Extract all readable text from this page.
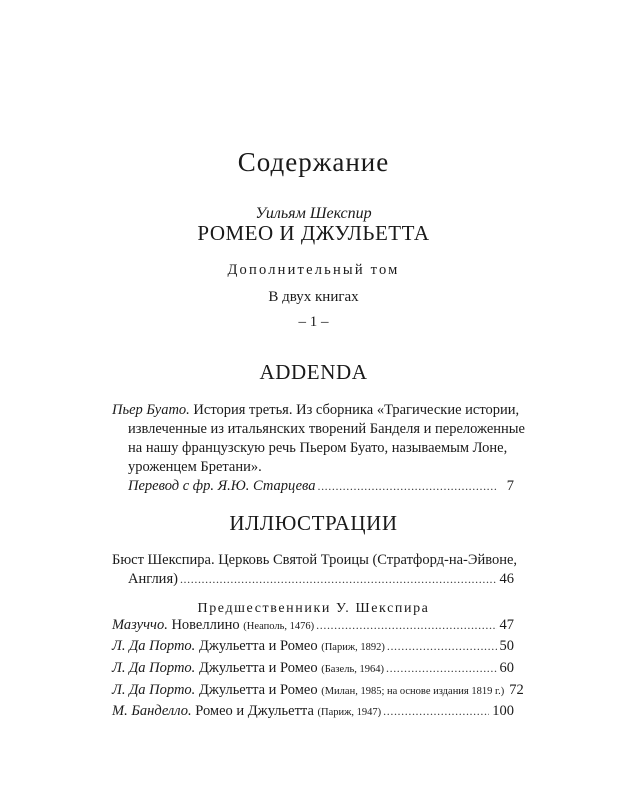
Содержание
Уильям Шекспир
РОМЕО И ДЖУЛЬЕТТА
Дополнительный том
В двух книгах
– 1 –
ADDENDA
Пьер Буато. История третья. Из сборника «Трагические истории,
извлеченные из итальянских творений Банделя и переложенные
на нашу французскую речь Пьером Буато, называемым Лоне,
уроженцем Бретани».
Перевод с фр. Я.Ю. Старцева . . .	7
ИЛЛЮСТРАЦИИ
Бюст Шекспира. Церковь Святой Троицы (Стратфорд-на-Эйвоне,
Англия) . . .	46
Предшественники У. Шекспира
Мазуччо. Новеллино (Неаполь, 1476) . . .	47
Л. Да Порто. Джульетта и Ромео (Париж, 1892) . . .	50
Л. Да Порто. Джульетта и Ромео (Базель, 1964) . . .	60
Л. Да Порто. Джульетта и Ромео (Милан, 1985; на основе издания 1819 г.) 72
М. Банделло. Ромео и Джульетта (Париж, 1947) . . .	100
